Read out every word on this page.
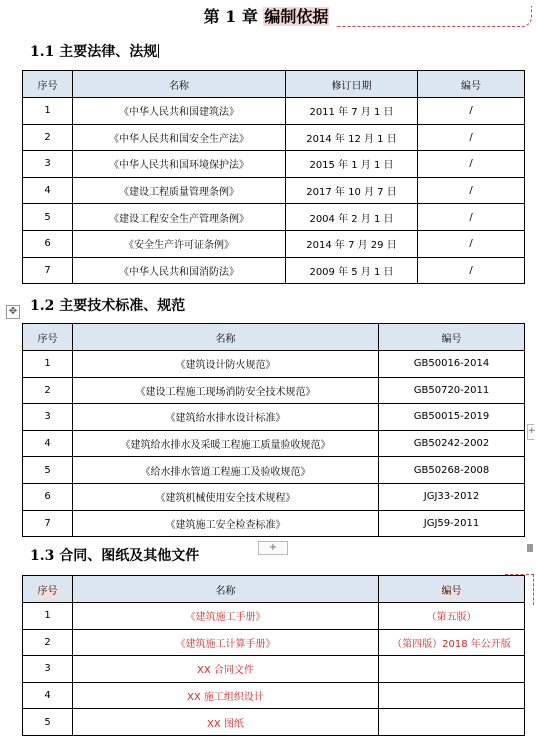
第 1 章 编制依据
1.1 主要法律、法规
序号	名称	修订日期	编号
1	《中华人民共和国建筑法》	2011 年 7 月 1 日	/
2	《中华人民共和国安全生产法》	2014 年 12 月 1 日	/
3	《中华人民共和国环境保护法》	2015 年 1 月 1 日	/
4	《建设工程质量管理条例》	2017 年 10 月 7 日	/
5	《建设工程安全生产管理条例》	2004 年 2 月 1 日	/
6	《安全生产许可证条例》	2014 年 7 月 29 日	/
7	《中华人民共和国消防法》	2009 年 5 月 1 日	/
✥ 1.2 主要技术标准、规范
序号	名称	编号
1	《建筑设计防火规范》	GB50016-2014
2	《建设工程施工现场消防安全技术规范》	GB50720-2011
3	《建筑给水排水设计标准》	GB50015-2019
4	《建筑给水排水及采暖工程施工质量验收规范》	GB50242-2002
5	《给水排水管道工程施工及验收规范》	GB50268-2008
6	《建筑机械使用安全技术规程》	JGJ33-2012
7	《建筑施工安全检查标准》	JGJ59-2011
+
+
1.3 合同、图纸及其他文件
序号	名称	编号
1	《建筑施工手册》	（第五版）
2	《建筑施工计算手册》	（第四版）2018 年公开版
3	XX 合同文件	
4	XX 施工组织设计	
5	XX 图纸	
